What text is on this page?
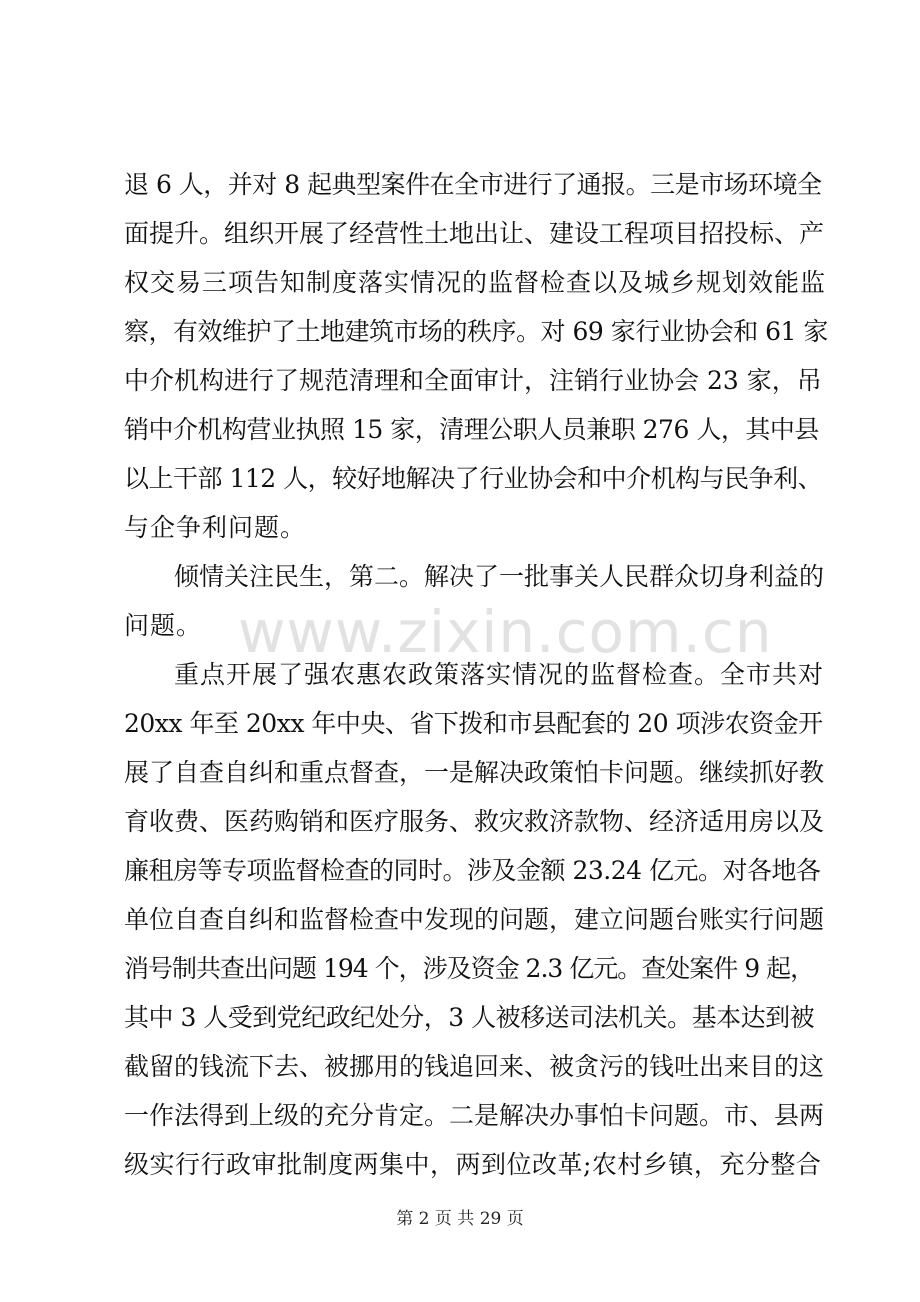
www.zixin.com.cn
退 6 人，并对 8 起典型案件在全市进行了通报。三是市场环境全
面提升。组织开展了经营性土地出让、建设工程项目招投标、产
权交易三项告知制度落实情况的监督检查以及城乡规划效能监
察，有效维护了土地建筑市场的秩序。对 69 家行业协会和 61 家
中介机构进行了规范清理和全面审计，注销行业协会 23 家，吊
销中介机构营业执照 15 家，清理公职人员兼职 276 人，其中县
以上干部 112 人，较好地解决了行业协会和中介机构与民争利、
与企争利问题。
倾情关注民生，第二。解决了一批事关人民群众切身利益的
问题。
重点开展了强农惠农政策落实情况的监督检查。全市共对
20xx 年至 20xx 年中央、省下拨和市县配套的 20 项涉农资金开
展了自查自纠和重点督查，一是解决政策怕卡问题。继续抓好教
育收费、医药购销和医疗服务、救灾救济款物、经济适用房以及
廉租房等专项监督检查的同时。涉及金额 23.24 亿元。对各地各
单位自查自纠和监督检查中发现的问题，建立问题台账实行问题
消号制共查出问题 194 个，涉及资金 2.3 亿元。查处案件 9 起，
其中 3 人受到党纪政纪处分，3 人被移送司法机关。基本达到被
截留的钱流下去、被挪用的钱追回来、被贪污的钱吐出来目的这
一作法得到上级的充分肯定。二是解决办事怕卡问题。市、县两
级实行行政审批制度两集中，两到位改革;农村乡镇，充分整合
第 2 页 共 29 页
